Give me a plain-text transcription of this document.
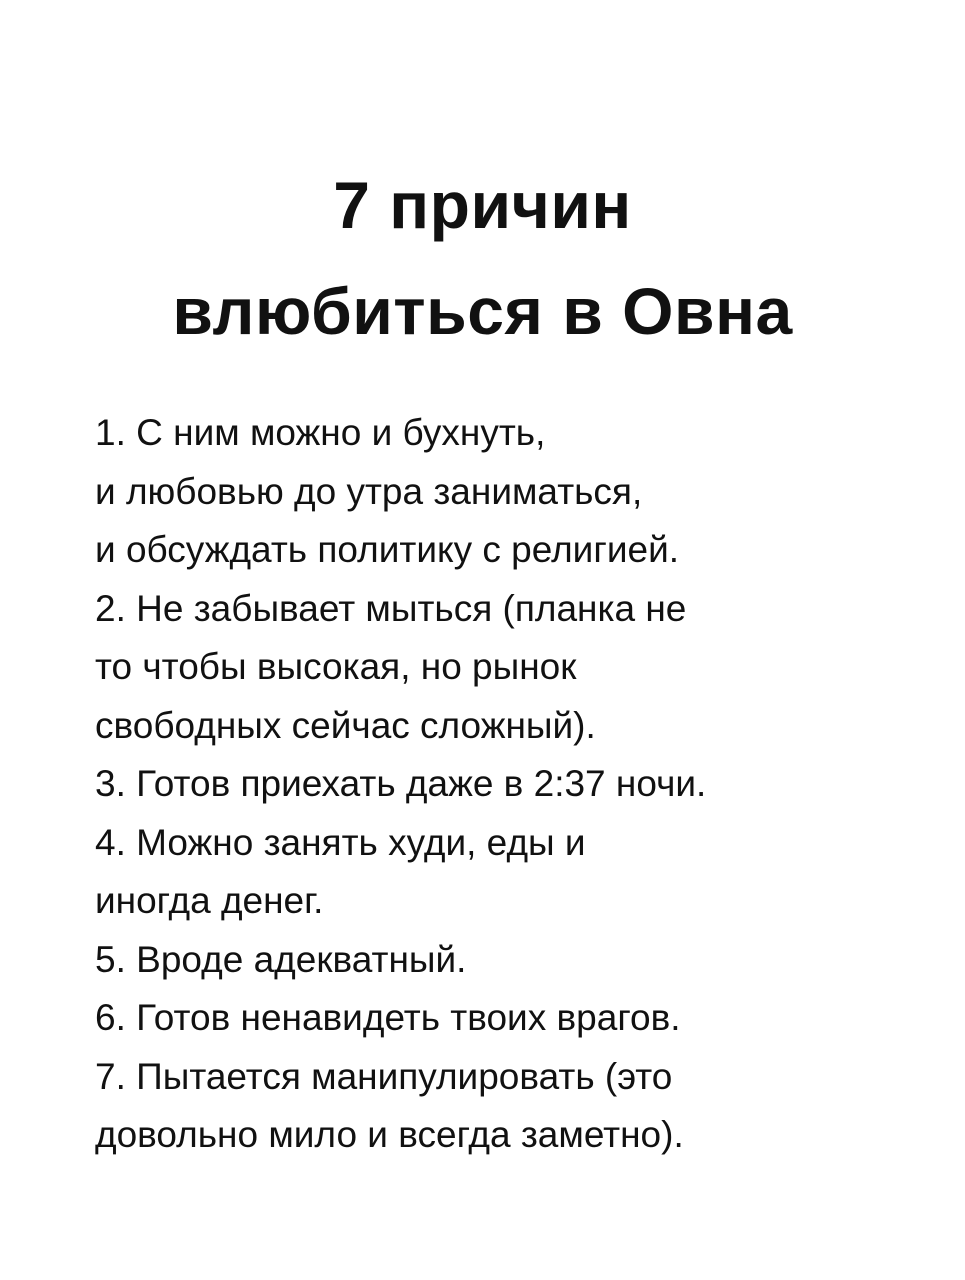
7 причин
влюбиться в Овна
1. С ним можно и бухнуть,
и любовью до утра заниматься,
и обсуждать политику с религией.
2. Не забывает мыться (планка не
то чтобы высокая, но рынок
свободных сейчас сложный).
3. Готов приехать даже в 2:37 ночи.
4. Можно занять худи, еды и
иногда денег.
5. Вроде адекватный.
6. Готов ненавидеть твоих врагов.
7. Пытается манипулировать (это
довольно мило и всегда заметно).
